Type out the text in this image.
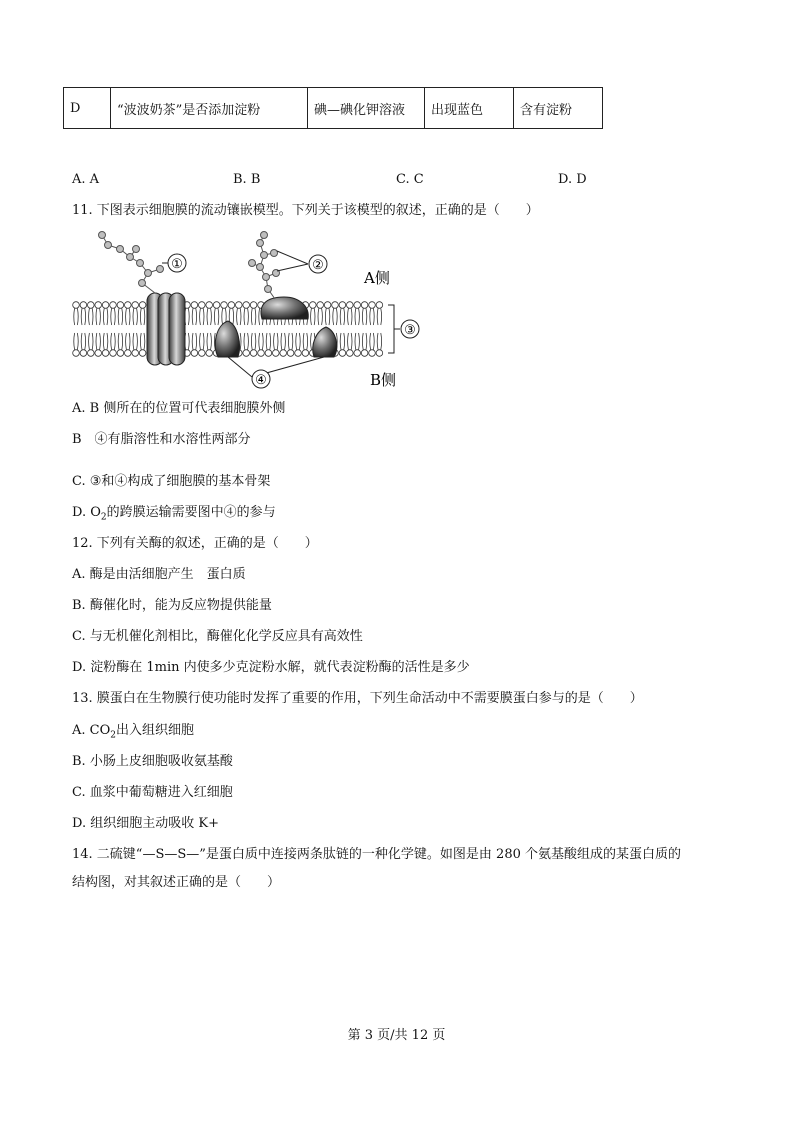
D	“波波奶茶”是否添加淀粉	碘—碘化钾溶液	出现蓝色	含有淀粉
A. A	B. B	C. C	D. D
11. 下图表示细胞膜的流动镶嵌模型。下列关于该模型的叙述，正确的是（　　）
①	②
④
③
A侧
B侧
A. B 侧所在的位置可代表细胞膜外侧
B　④有脂溶性和水溶性两部分
C. ③和④构成了细胞膜的基本骨架
D. $O_2$的跨膜运输需要图中④的参与
12. 下列有关酶的叙述，正确的是（　　）
A. 酶是由活细胞产生　蛋白质
B. 酶催化时，能为反应物提供能量
C. 与无机催化剂相比，酶催化化学反应具有高效性
D. 淀粉酶在 1min 内使多少克淀粉水解，就代表淀粉酶的活性是多少
13. 膜蛋白在生物膜行使功能时发挥了重要的作用，下列生命活动中不需要膜蛋白参与的是（　　）
A. $CO_2$出入组织细胞
B. 小肠上皮细胞吸收氨基酸
C. 血浆中葡萄糖进入红细胞
D. 组织细胞主动吸收 K+
14. 二硫键“—S—S—”是蛋白质中连接两条肽链的一种化学键。如图是由 280 个氨基酸组成的某蛋白质的
结构图，对其叙述正确的是（　　）
第 3 页/共 12 页
